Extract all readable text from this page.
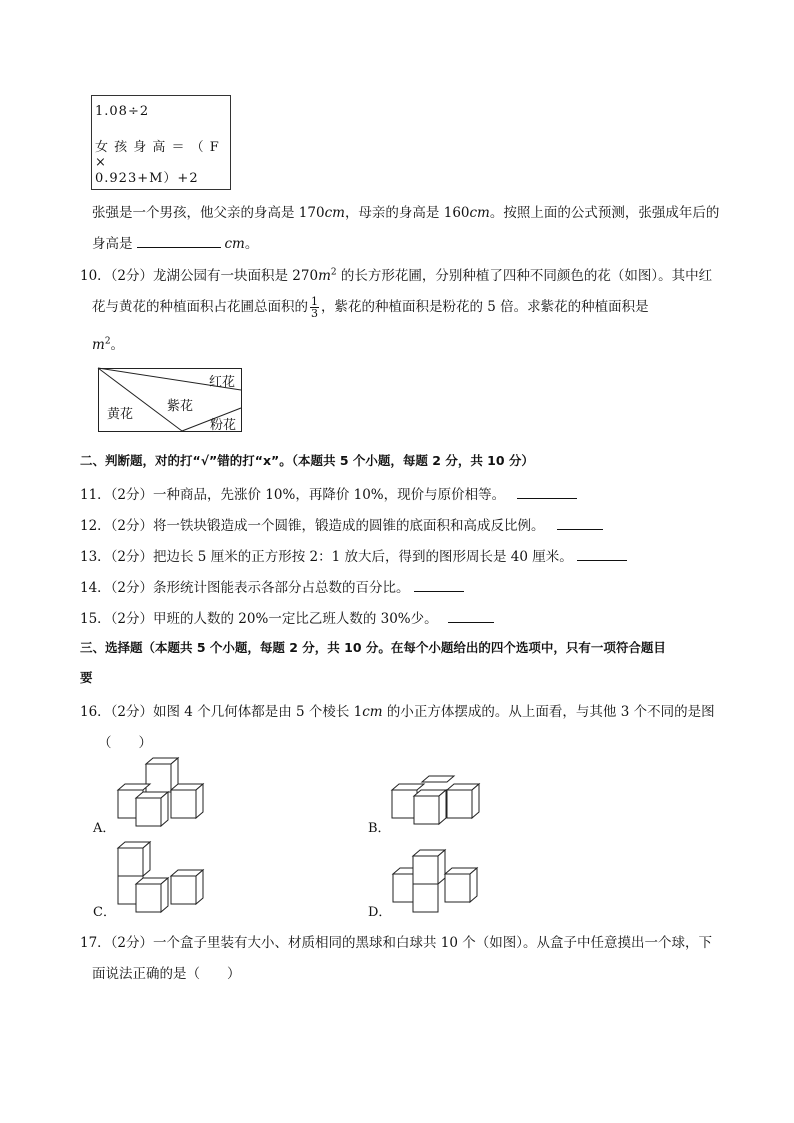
1.08÷2
女 孩 身 高 ＝ （ F ×
0.923+M）+2
张强是一个男孩，他父亲的身高是 170cm，母亲的身高是 160cm。按照上面的公式预测，张强成年后的
身高是	cm。
10．（2分）龙湖公园有一块面积是 $270m^2$ 的长方形花圃，分别种植了四种不同颜色的花（如图）。其中红
花与黄花的种植面积占花圃总面积的 $\frac{1}{3}$ ，紫花的种植面积是粉花的 5 倍。求紫花的种植面积是
$m^2$。
红花
黄花
紫花
粉花
二、判断题，对的打“√”错的打“x”。（本题共 5 个小题，每题 2 分，共 10 分）
11．（2分）一种商品，先涨价 10%，再降价 10%，现价与原价相等。
12．（2分）将一铁块锻造成一个圆锥，锻造成的圆锥的底面积和高成反比例。
13．（2分）把边长 5 厘米的正方形按 2：1 放大后，得到的图形周长是 40 厘米。
14．（2分）条形统计图能表示各部分占总数的百分比。
15．（2分）甲班的人数的 20%一定比乙班人数的 30%少。
三、选择题（本题共 5 个小题，每题 2 分，共 10 分。在每个小题给出的四个选项中，只有一项符合题目
要
16．（2分）如图 4 个几何体都是由 5 个棱长 1cm 的小正方体摆成的。从上面看，与其他 3 个不同的是图
（　　）
A．	B．
C．	D．
17．（2分）一个盒子里装有大小、材质相同的黑球和白球共 10 个（如图）。从盒子中任意摸出一个球，下
面说法正确的是（　　）
